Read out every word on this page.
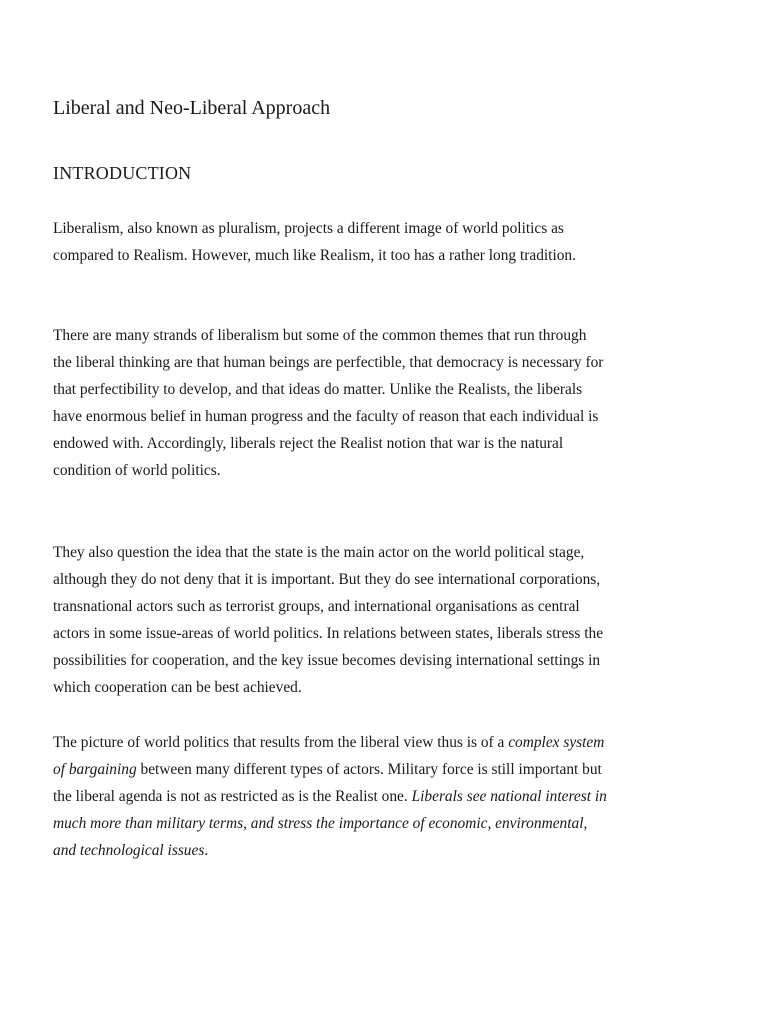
Liberal and Neo-Liberal Approach
INTRODUCTION

Liberalism, also known as pluralism, projects a different image of world politics as
compared to Realism. However, much like Realism, it too has a rather long tradition.

There are many strands of liberalism but some of the common themes that run through
the liberal thinking are that human beings are perfectible, that democracy is necessary for
that perfectibility to develop, and that ideas do matter. Unlike the Realists, the liberals
have enormous belief in human progress and the faculty of reason that each individual is
endowed with. Accordingly, liberals reject the Realist notion that war is the natural
condition of world politics.

They also question the idea that the state is the main actor on the world political stage,
although they do not deny that it is important. But they do see international corporations,
transnational actors such as terrorist groups, and international organisations as central
actors in some issue-areas of world politics. In relations between states, liberals stress the
possibilities for cooperation, and the key issue becomes devising international settings in
which cooperation can be best achieved.

The picture of world politics that results from the liberal view thus is of a complex system
of bargaining between many different types of actors. Military force is still important but
the liberal agenda is not as restricted as is the Realist one. Liberals see national interest in
much more than military terms, and stress the importance of economic, environmental,
and technological issues.
